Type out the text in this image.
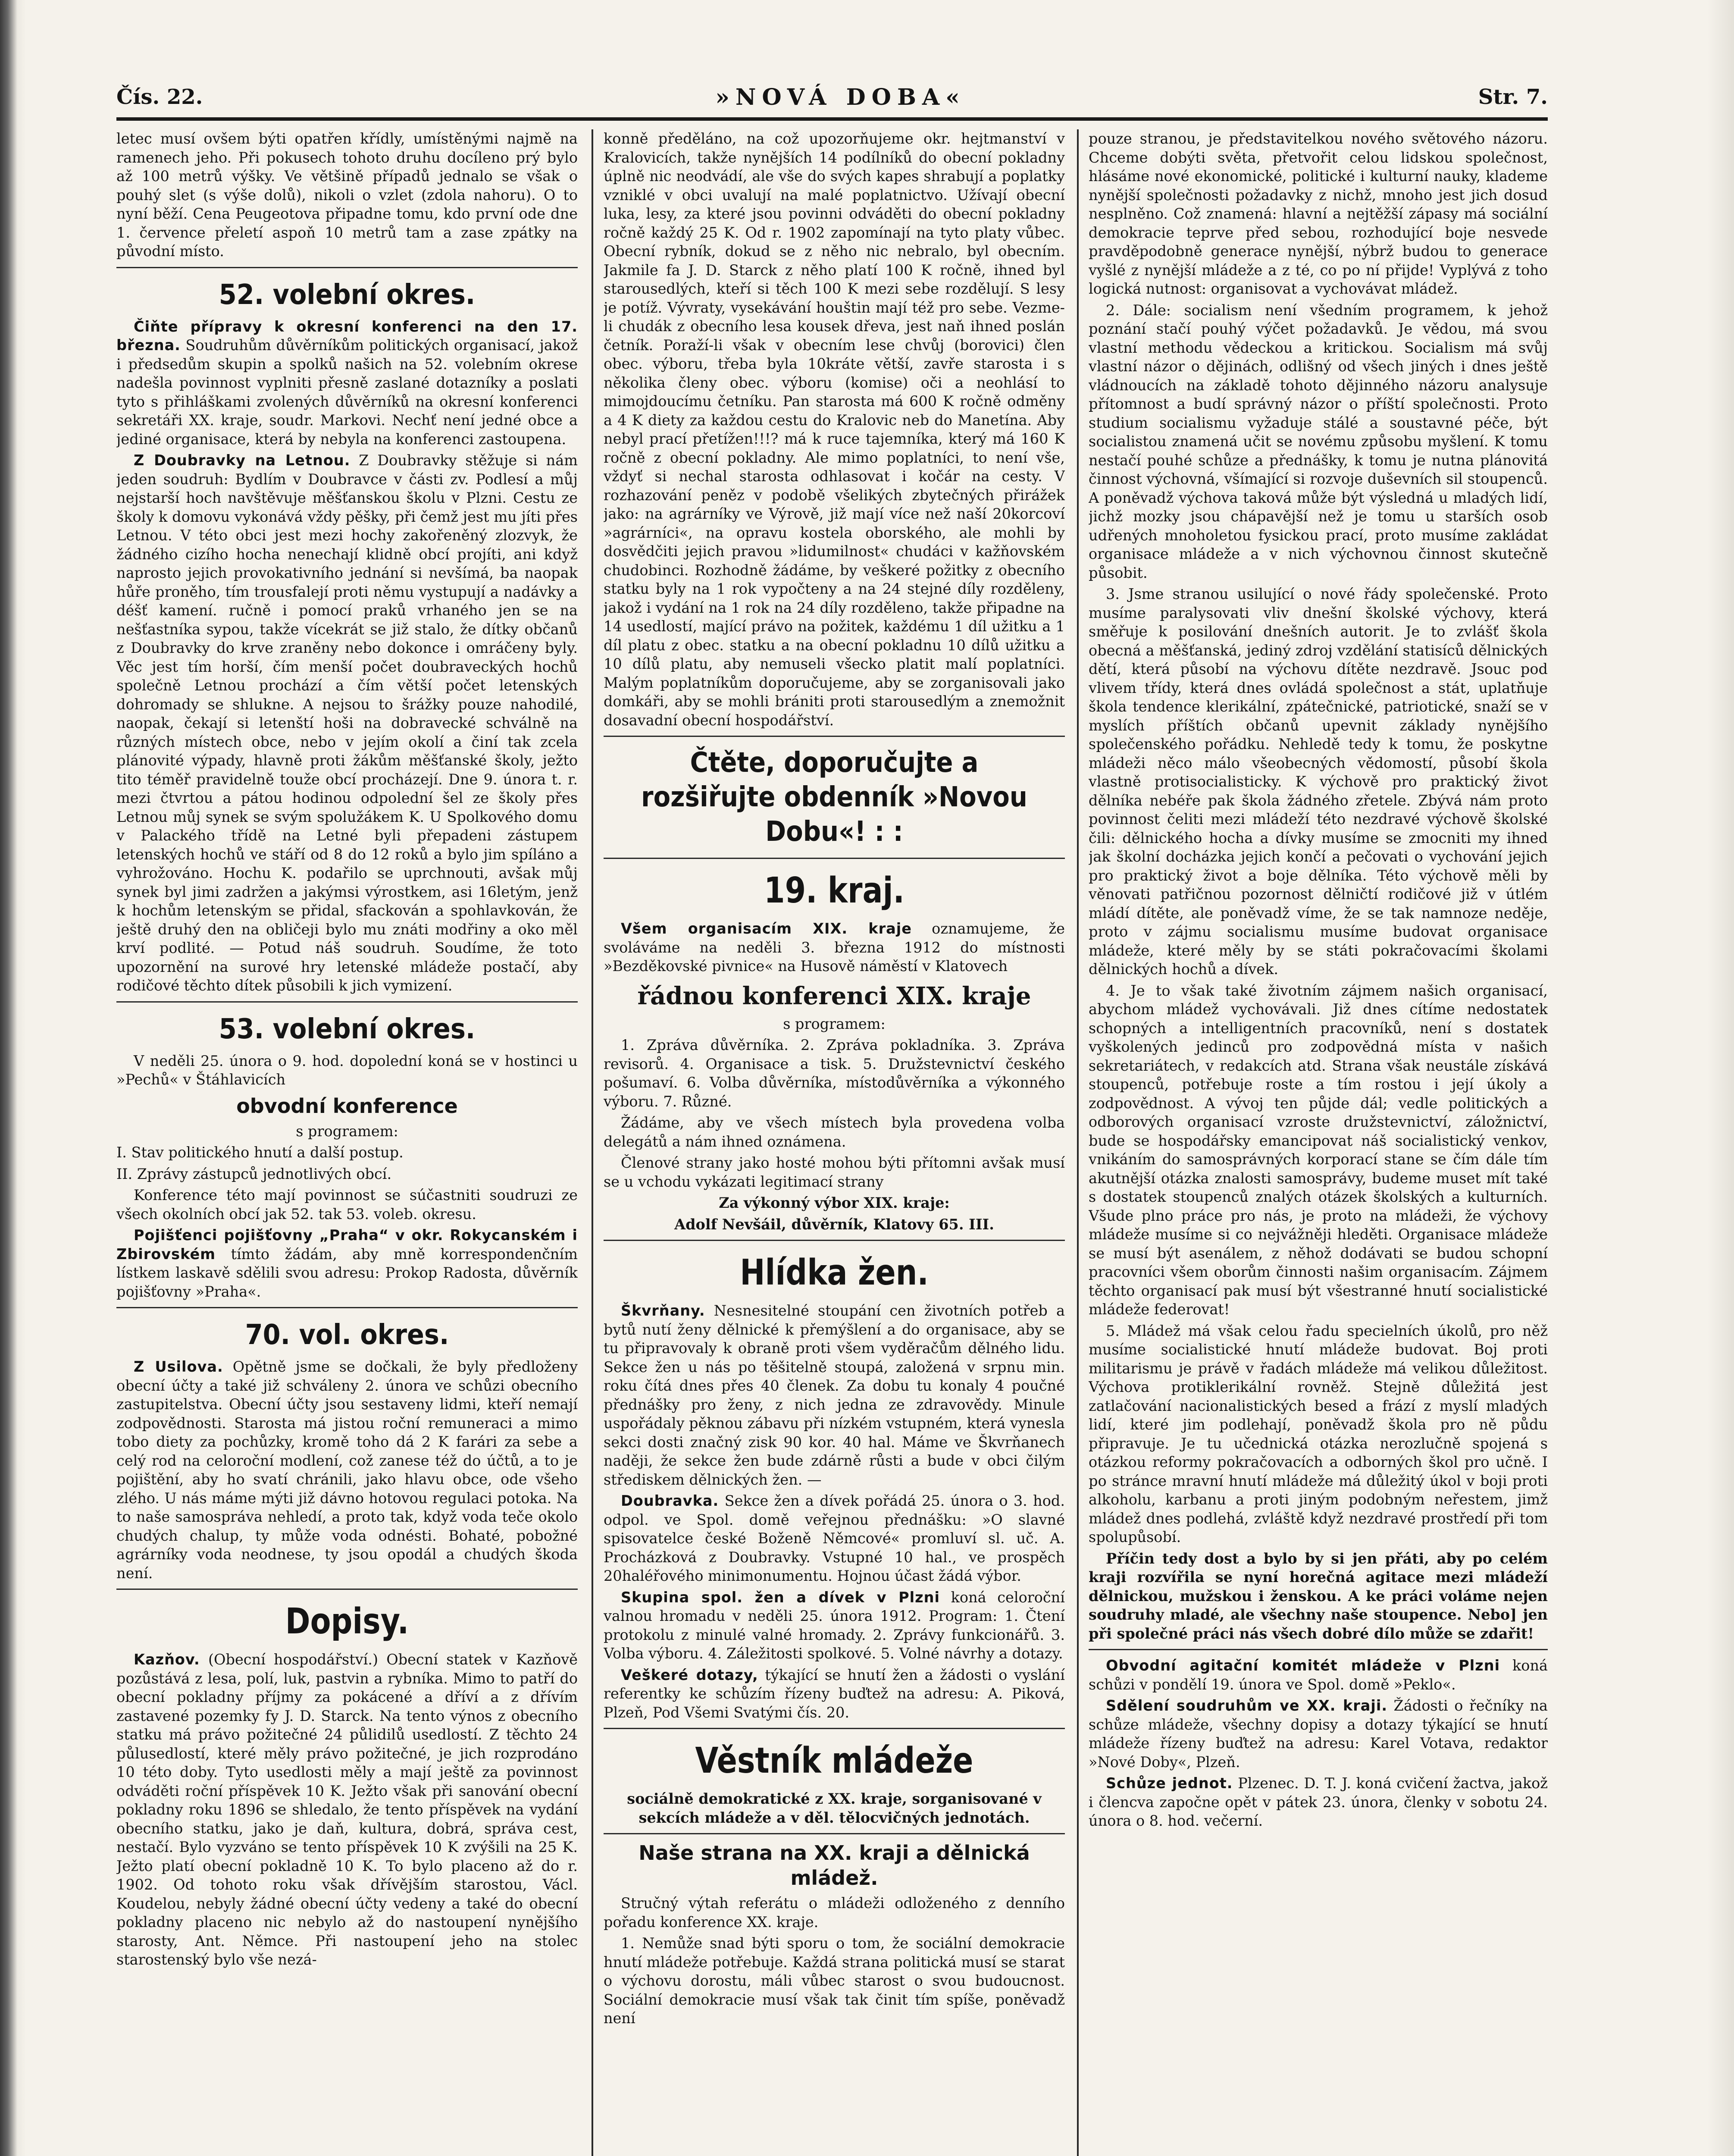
Čís. 22.	»NOVÁ DOBA«	Str. 7.

letec musí ovšem býti opatřen křídly, umístěnými najmě na ramenech jeho. Při pokusech tohoto druhu docíleno prý bylo až 100 metrů výšky. Ve většině případů jednalo se však o pouhý slet (s výše dolů), nikoli o vzlet (zdola nahoru). O to nyní běží. Cena Peugeotova připadne tomu, kdo první ode dne 1. července přeletí aspoň 10 metrů tam a zase zpátky na původní místo.

52. volební okres.

Čiňte přípravy k okresní konferenci na den 17. března. Soudruhům důvěrníkům politických organisací, jakož i předsedům skupin a spolků našich na 52. volebním okrese nadešla povinnost vyplniti přesně zaslané dotazníky a poslati tyto s přihláškami zvolených důvěrníků na okresní konferenci sekretáři XX. kraje, soudr. Markovi. Nechť není jedné obce a jediné organisace, která by nebyla na konferenci zastoupena.

Z Doubravky na Letnou. Z Doubravky stěžuje si nám jeden soudruh: Bydlím v Doubravce v části zv. Podlesí a můj nejstarší hoch navštěvuje měšťanskou školu v Plzni. Cestu ze školy k domovu vykonává vždy pěšky, při čemž jest mu jíti přes Letnou. V této obci jest mezi hochy zakořeněný zlozvyk, že žádného cizího hocha nenechají klidně obcí projíti, ani když naprosto jejich provokativního jednání si nevšímá, ba naopak hůře proněho, tím trousfalejí proti němu vystupují a nadávky a déšť kamení. ručně i pomocí praků vrhaného jen se na nešťastníka sypou, takže vícekrát se již stalo, že dítky občanů z Doubravky do krve zraněny nebo dokonce i omráčeny byly. Věc jest tím horší, čím menší počet doubraveckých hochů společně Letnou prochází a čím větší počet letenských dohromady se shlukne. A nejsou to šrážky pouze nahodilé, naopak, čekají si letenští hoši na dobravecké schválně na různých místech obce, nebo v jejím okolí a činí tak zcela plánovité výpady, hlavně proti žákům měšťanské školy, ježto tito téměř pravidelně touže obcí procházejí. Dne 9. února t. r. mezi čtvrtou a pátou hodinou odpolední šel ze školy přes Letnou můj synek se svým spolužákem K. U Spolkového domu v Palackého třídě na Letné byli přepadeni zástupem letenských hochů ve stáří od 8 do 12 roků a bylo jim spíláno a vyhrožováno. Hochu K. podařilo se uprchnouti, avšak můj synek byl jimi zadržen a jakýmsi výrostkem, asi 16letým, jenž k hochům letenským se přidal, sfackován a spohlavkován, že ještě druhý den na obličeji bylo mu znáti modřiny a oko měl krví podlité. — Potud náš soudruh. Soudíme, že toto upozornění na surové hry letenské mládeže postačí, aby rodičové těchto dítek působili k jich vymizení.

53. volební okres.

V neděli 25. února o 9. hod. dopolední koná se v hostinci u »Pechů« v Štáhlavicích

obvodní konference

s programem:

I. Stav politického hnutí a další postup.

II. Zprávy zástupců jednotlivých obcí.

Konference této mají povinnost se súčastniti soudruzi ze všech okolních obcí jak 52. tak 53. voleb. okresu.

Pojišťenci pojišťovny „Praha“ v okr. Rokycanském i Zbirovském tímto žádám, aby mně korrespondenčním lístkem laskavě sdělili svou adresu: Prokop Radosta, důvěrník pojišťovny »Praha«.

70. vol. okres.

Z Usilova. Opětně jsme se dočkali, že byly předloženy obecní účty a také již schváleny 2. února ve schůzi obecního zastupitelstva. Obecní účty jsou sestaveny lidmi, kteří nemají zodpovědnosti. Starosta má jistou roční remuneraci a mimo tobo diety za pochůzky, kromě toho dá 2 K farári za sebe a celý rod na celoroční modlení, což zanese též do účtů, a to je pojištění, aby ho svatí chránili, jako hlavu obce, ode všeho zlého. U nás máme mýti již dávno hotovou regulaci potoka. Na to naše samospráva nehledí, a proto tak, když voda teče okolo chudých chalup, ty může voda odnésti. Bohaté, pobožné agrárníky voda neodnese, ty jsou opodál a chudých škoda není.

Dopisy.

Kazňov. (Obecní hospodářství.) Obecní statek v Kazňově pozůstává z lesa, polí, luk, pastvin a rybníka. Mimo to patří do obecní pokladny příjmy za pokácené a dříví a z dřívím zastavené pozemky fy J. D. Starck. Na tento výnos z obecního statku má právo požitečné 24 půlidilů usedlostí. Z těchto 24 půlusedlostí, které měly právo požitečné, je jich rozprodáno 10 této doby. Tyto usedlosti měly a mají ještě za povinnost odváděti roční příspěvek 10 K. Ježto však při sanování obecní pokladny roku 1896 se shledalo, že tento příspěvek na vydání obecního statku, jako je daň, kultura, dobrá, správa cest, nestačí. Bylo vyzváno se tento příspěvek 10 K zvýšili na 25 K. Ježto platí obecní pokladně 10 K. To bylo placeno až do r. 1902. Od tohoto roku však dřívějším starostou, Václ. Koudelou, nebyly žádné obecní účty vedeny a také do obecní pokladny placeno nic nebylo až do nastoupení nynějšího starosty, Ant. Němce. Při nastoupení jeho na stolec starostenský bylo vše nezá-

konně předěláno, na což upozorňujeme okr. hejtmanství v Kralovicích, takže nynějších 14 podílníků do obecní pokladny úplně nic neodvádí, ale vše do svých kapes shrabují a poplatky vzniklé v obci uvalují na malé poplatnictvo. Užívají obecní luka, lesy, za které jsou povinni odváděti do obecní pokladny ročně každý 25 K. Od r. 1902 zapomínají na tyto platy vůbec. Obecní rybník, dokud se z něho nic nebralo, byl obecním. Jakmile fa J. D. Starck z něho platí 100 K ročně, ihned byl starousedlých, kteří si těch 100 K mezi sebe rozdělují. S lesy je potíž. Vývraty, vysekávání houštin mají též pro sebe. Vezme-li chudák z obecního lesa kousek dřeva, jest naň ihned poslán četník. Poraží-li však v obecním lese chvůj (borovici) člen obec. výboru, třeba byla 10kráte větší, zavře starosta i s několika členy obec. výboru (komise) oči a neohlásí to mimojdoucímu četníku. Pan starosta má 600 K ročně odměny a 4 K diety za každou cestu do Kralovic neb do Manetína. Aby nebyl prací přetížen!!!? má k ruce tajemníka, který má 160 K ročně z obecní pokladny. Ale mimo poplatníci, to není vše, vždyť si nechal starosta odhlasovat i kočár na cesty. V rozhazování peněz v podobě všelikých zbytečných přirážek jako: na agrárníky ve Výrově, již mají více než naší 20korcoví »agrárníci«, na opravu kostela oborského, ale mohli by dosvědčiti jejich pravou »lidumilnost« chudáci v kažňovském chudobinci. Rozhodně žádáme, by veškeré požitky z obecního statku byly na 1 rok vypočteny a na 24 stejné díly rozděleny, jakož i vydání na 1 rok na 24 díly rozděleno, takže připadne na 14 usedlostí, mající právo na požitek, každému 1 díl užitku a 1 díl platu z obec. statku a na obecní pokladnu 10 dílů užitku a 10 dílů platu, aby nemuseli všecko platit malí poplatníci. Malým poplatníkům doporučujeme, aby se zorganisovali jako domkáři, aby se mohli brániti proti starousedlým a znemožnit dosavadní obecní hospodářství.

Čtěte, doporučujte a rozšiřujte obdenník »Novou Dobu«! : :
19. kraj.

Všem organisacím XIX. kraje oznamujeme, že svoláváme na neděli 3. března 1912 do místnosti »Bezděkovské pivnice« na Husově náměstí v Klatovech

řádnou konferenci XIX. kraje

s programem:

1. Zpráva důvěrníka. 2. Zpráva pokladníka. 3. Zpráva revisorů. 4. Organisace a tisk. 5. Družstevnictví českého pošumaví. 6. Volba důvěrníka, místodůvěrníka a výkonného výboru. 7. Různé.

Žádáme, aby ve všech místech byla provedena volba delegátů a nám ihned oznámena.

Členové strany jako hosté mohou býti přítomni avšak musí se u vchodu vykázati legitimací strany

Za výkonný výbor XIX. kraje:

Adolf Nevšáil, důvěrník, Klatovy 65. III.

Hlídka žen.

Škvrňany. Nesnesitelné stoupání cen životních potřeb a bytů nutí ženy dělnické k přemýšlení a do organisace, aby se tu připravovaly k obraně proti všem vyděračům dělného lidu. Sekce žen u nás po těšitelně stoupá, založená v srpnu min. roku čítá dnes přes 40 členek. Za dobu tu konaly 4 poučné přednášky pro ženy, z nich jedna ze zdravovědy. Minule uspořádaly pěknou zábavu při nízkém vstupném, která vynesla sekci dosti značný zisk 90 kor. 40 hal. Máme ve Škvrňanech naději, že sekce žen bude zdárně růsti a bude v obci čilým střediskem dělnických žen. —

Doubravka. Sekce žen a dívek pořádá 25. února o 3. hod. odpol. ve Spol. domě veřejnou přednášku: »O slavné spisovatelce české Boženě Němcové« promluví sl. uč. A. Procházková z Doubravky. Vstupné 10 hal., ve prospěch 20haléřového minimonumentu. Hojnou účast žádá výbor.

Skupina spol. žen a dívek v Plzni koná celoroční valnou hromadu v neděli 25. února 1912. Program: 1. Čtení protokolu z minulé valné hromady. 2. Zprávy funkcionářů. 3. Volba výboru. 4. Záležitosti spolkové. 5. Volné návrhy a dotazy.

Veškeré dotazy, týkající se hnutí žen a žádosti o vyslání referentky ke schůzím řízeny buďtež na adresu: A. Piková, Plzeň, Pod Všemi Svatými čís. 20.

Věstník mládeže

sociálně demokratické z XX. kraje, sorganisované v sekcích mládeže a v děl. tělocvičných jednotách.

Naše strana na XX. kraji a dělnická mládež.

Stručný výtah referátu o mládeži odloženého z denního pořadu konference XX. kraje.

1. Nemůže snad býti sporu o tom, že sociální demokracie hnutí mládeže potřebuje. Každá strana politická musí se starat o výchovu dorostu, máli vůbec starost o svou budoucnost. Sociální demokracie musí však tak činit tím spíše, poněvadž není

pouze stranou, je představitelkou nového světového názoru. Chceme dobýti světa, přetvořit celou lidskou společnost, hlásáme nové ekonomické, politické i kulturní nauky, klademe nynější společnosti požadavky z nichž, mnoho jest jich dosud nesplněno. Což znamená: hlavní a nejtěžší zápasy má sociální demokracie teprve před sebou, rozhodující boje nesvede pravděpodobně generace nynější, nýbrž budou to generace vyšlé z nynější mládeže a z té, co po ní přijde! Vyplývá z toho logická nutnost: organisovat a vychovávat mládež.

2. Dále: socialism není všedním programem, k jehož poznání stačí pouhý výčet požadavků. Je vědou, má svou vlastní methodu vědeckou a kritickou. Socialism má svůj vlastní názor o dějinách, odlišný od všech jiných i dnes ještě vládnoucích na základě tohoto dějinného názoru analysuje přítomnost a budí správný názor o příští společnosti. Proto studium socialismu vyžaduje stálé a soustavné péče, být socialistou znamená učit se novému způsobu myšlení. K tomu nestačí pouhé schůze a přednášky, k tomu je nutna plánovitá činnost výchovná, všímající si rozvoje duševních sil stoupenců. A poněvadž výchova taková může být výsledná u mladých lidí, jichž mozky jsou chápavější než je tomu u starších osob udřených mnoholetou fysickou prací, proto musíme zakládat organisace mládeže a v nich výchovnou činnost skutečně působit.

3. Jsme stranou usilující o nové řády společenské. Proto musíme paralysovati vliv dnešní školské výchovy, která směřuje k posilování dnešních autorit. Je to zvlášť škola obecná a měšťanská, jediný zdroj vzdělání statisíců dělnických dětí, která působí na výchovu dítěte nezdravě. Jsouc pod vlivem třídy, která dnes ovládá společnost a stát, uplatňuje škola tendence klerikální, zpátečnické, patriotické, snaží se v myslích příštích občanů upevnit základy nynějšího společenského pořádku. Nehledě tedy k tomu, že poskytne mládeži něco málo všeobecných vědomostí, působí škola vlastně protisocialisticky. K výchově pro praktický život dělníka nebéře pak škola žádného zřetele. Zbývá nám proto povinnost čeliti mezi mládeží této nezdravé výchově školské čili: dělnického hocha a dívky musíme se zmocniti my ihned jak školní docházka jejich končí a pečovati o vychování jejich pro praktický život a boje dělníka. Této výchově měli by věnovati patřičnou pozornost dělničtí rodičové již v útlém mládí dítěte, ale poněvadž víme, že se tak namnoze neděje, proto v zájmu socialismu musíme budovat organisace mládeže, které měly by se státi pokračovacími školami dělnických hochů a dívek.

4. Je to však také životním zájmem našich organisací, abychom mládež vychovávali. Již dnes cítíme nedostatek schopných a intelligentních pracovníků, není s dostatek vyškolených jedinců pro zodpovědná místa v našich sekretariátech, v redakcích atd. Strana však neustále získává stoupenců, potřebuje roste a tím rostou i její úkoly a zodpovědnost. A vývoj ten půjde dál; vedle politických a odborových organisací vzroste družstevnictví, záložnictví, bude se hospodářsky emancipovat náš socialistický venkov, vnikáním do samosprávných korporací stane se čím dále tím akutnější otázka znalosti samosprávy, budeme muset mít také s dostatek stoupenců znalých otázek školských a kulturních. Všude plno práce pro nás, je proto na mládeži, že výchovy mládeže musíme si co nejvážněji hleděti. Organisace mládeže se musí být asenálem, z něhož dodávati se budou schopní pracovníci všem oborům činnosti našim organisacím. Zájmem těchto organisací pak musí být všestranné hnutí socialistické mládeže federovat!

5. Mládež má však celou řadu specielních úkolů, pro něž musíme socialistické hnutí mládeže budovat. Boj proti militarismu je právě v řadách mládeže má velikou důležitost. Výchova protiklerikální rovněž. Stejně důležitá jest zatlačování nacionalistických besed a frází z myslí mladých lidí, které jim podlehají, poněvadž škola pro ně půdu připravuje. Je tu učednická otázka nerozlučně spojená s otázkou reformy pokračovacích a odborných škol pro učně. I po stránce mravní hnutí mládeže má důležitý úkol v boji proti alkoholu, karbanu a proti jiným podobným neřestem, jimž mládež dnes podlehá, zvláště když nezdravé prostředí při tom spolupůsobí.

Příčin tedy dost a bylo by si jen přáti, aby po celém kraji rozvířila se nyní horečná agitace mezi mládeží dělnickou, mužskou i ženskou. A ke práci voláme nejen soudruhy mladé, ale všechny naše stoupence. Nebo] jen při společné práci nás všech dobré dílo může se zdařit!

Obvodní agitační komitét mládeže v Plzni koná schůzi v pondělí 19. února ve Spol. domě »Peklo«.

Sdělení soudruhům ve XX. kraji. Žádosti o řečníky na schůze mládeže, všechny dopisy a dotazy týkající se hnutí mládeže řízeny buďtež na adresu: Karel Votava, redaktor »Nové Doby«, Plzeň.

Schůze jednot. Plzenec. D. T. J. koná cvičení žactva, jakož i člencva započne opět v pátek 23. února, členky v sobotu 24. února o 8. hod. večerní.
